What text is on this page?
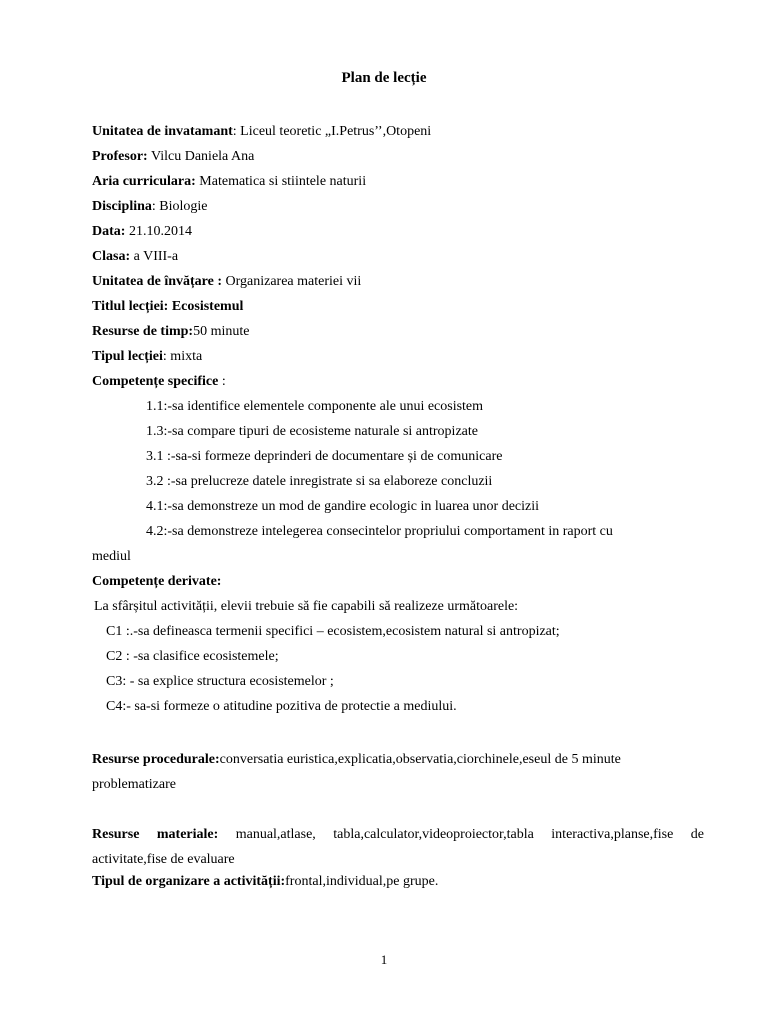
Plan de lecție
Unitatea de invatamant: Liceul teoretic „I.Petrus’’,Otopeni
Profesor: Vilcu Daniela Ana
Aria curriculara: Matematica si stiintele naturii
Disciplina: Biologie
Data: 21.10.2014
Clasa: a VIII-a
Unitatea de învățare : Organizarea materiei vii
Titlul lecției: Ecosistemul
Resurse de timp:50 minute
Tipul lecției: mixta
Competențe specifice :
1.1:-sa identifice elementele componente ale unui ecosistem
1.3:-sa compare tipuri de ecosisteme naturale si antropizate
3.1 :-sa-si formeze deprinderi de documentare și de comunicare
3.2 :-sa prelucreze datele inregistrate si sa elaboreze concluzii
4.1:-sa demonstreze un mod de gandire ecologic in luarea unor decizii
4.2:-sa demonstreze intelegerea consecintelor propriului comportament in raport cu
mediul
Competențe derivate:
La sfârșitul activității, elevii trebuie să fie capabili să realizeze următoarele:
C1 :.-sa defineasca termenii specifici – ecosistem,ecosistem natural si antropizat;
C2 : -sa clasifice ecosistemele;
C3: - sa explice structura ecosistemelor ;
C4:- sa-si formeze o atitudine pozitiva de protectie a mediului.
Resurse procedurale:conversatia euristica,explicatia,observatia,ciorchinele,eseul de 5 minute problematizare
Resurse materiale: manual,atlase, tabla,calculator,videoproiector,tabla interactiva,planse,fise de activitate,fise de evaluare
Tipul de organizare a activității:frontal,individual,pe grupe.
1
